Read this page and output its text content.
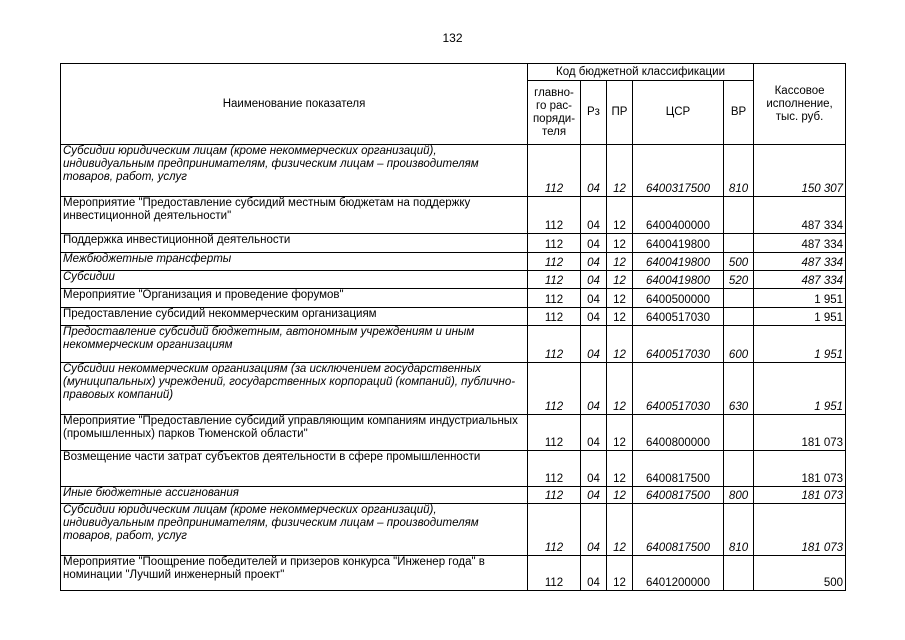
132
Наименование показателя	Код бюджетной классификации					Кассовое исполнение, тыс. руб.
	главно-го рас-поряди-теля	Рз	ПР	ЦСР	ВР	
Субсидии юридическим лицам (кроме некоммерческих организаций), индивидуальным предпринимателям, физическим лицам – производителям товаров, работ, услуг	112	04	12	6400317500	810	150 307
Мероприятие "Предоставление субсидий местным бюджетам на поддержку инвестиционной деятельности"	112	04	12	6400400000		487 334
Поддержка инвестиционной деятельности	112	04	12	6400419800		487 334
Межбюджетные трансферты	112	04	12	6400419800	500	487 334
Субсидии	112	04	12	6400419800	520	487 334
Мероприятие "Организация и проведение форумов"	112	04	12	6400500000		1 951
Предоставление субсидий некоммерческим организациям	112	04	12	6400517030		1 951
Предоставление субсидий бюджетным, автономным учреждениям и иным некоммерческим организациям	112	04	12	6400517030	600	1 951
Субсидии некоммерческим организациям (за исключением государственных (муниципальных) учреждений, государственных корпораций (компаний), публично-правовых компаний)	112	04	12	6400517030	630	1 951
Мероприятие "Предоставление субсидий управляющим компаниям индустриальных (промышленных) парков Тюменской области"	112	04	12	6400800000		181 073
Возмещение части затрат субъектов деятельности в сфере промышленности	112	04	12	6400817500		181 073
Иные бюджетные ассигнования	112	04	12	6400817500	800	181 073
Субсидии юридическим лицам (кроме некоммерческих организаций), индивидуальным предпринимателям, физическим лицам – производителям товаров, работ, услуг	112	04	12	6400817500	810	181 073
Мероприятие "Поощрение победителей и призеров конкурса "Инженер года" в номинации "Лучший инженерный проект"	112	04	12	6401200000		500
